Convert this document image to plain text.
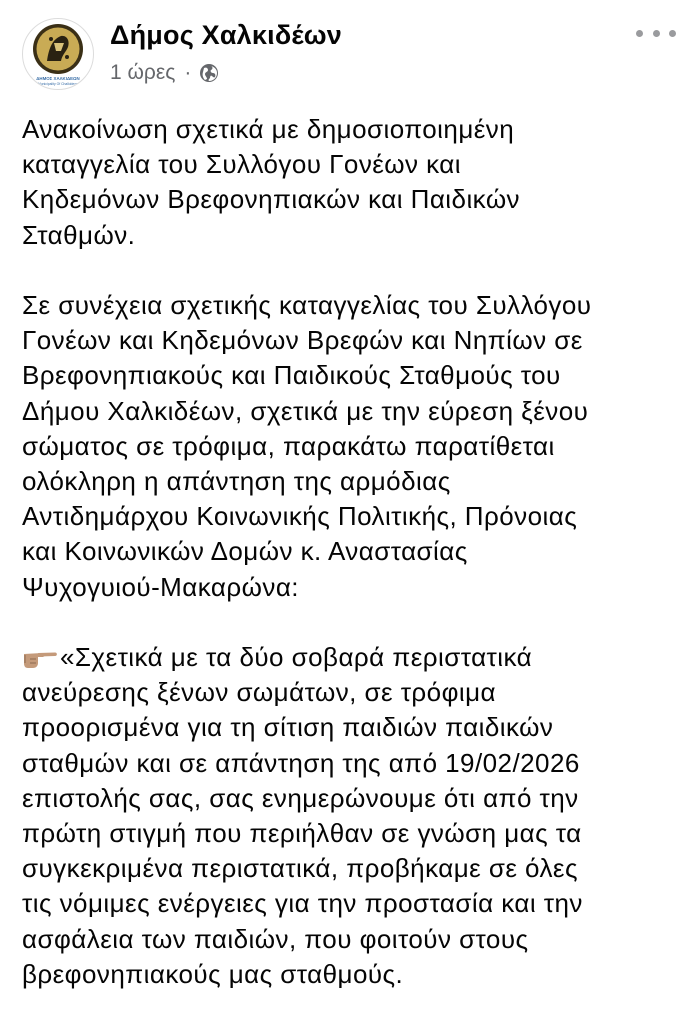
ΔΗΜΟΣ ΧΑΛΚΙΔΕΩΝ
Municipality Of Chalkideon
Δήμος Χαλκιδέων
1 ώρες ·

Ανακοίνωση σχετικά με δημοσιοποιημένη
καταγγελία του Συλλόγου Γονέων και
Κηδεμόνων Βρεφονηπιακών και Παιδικών
Σταθμών.

Σε συνέχεια σχετικής καταγγελίας του Συλλόγου
Γονέων και Κηδεμόνων Βρεφών και Νηπίων σε
Βρεφονηπιακούς και Παιδικούς Σταθμούς του
Δήμου Χαλκιδέων, σχετικά με την εύρεση ξένου
σώματος σε τρόφιμα, παρακάτω παρατίθεται
ολόκληρη η απάντηση της αρμόδιας
Αντιδημάρχου Κοινωνικής Πολιτικής, Πρόνοιας
και Κοινωνικών Δομών κ. Αναστασίας
Ψυχογυιού-Μακαρώνα:

«Σχετικά με τα δύο σοβαρά περιστατικά
ανεύρεσης ξένων σωμάτων, σε τρόφιμα
προορισμένα για τη σίτιση παιδιών παιδικών
σταθμών και σε απάντηση της από 19/02/2026
επιστολής σας, σας ενημερώνουμε ότι από την
πρώτη στιγμή που περιήλθαν σε γνώση μας τα
συγκεκριμένα περιστατικά, προβήκαμε σε όλες
τις νόμιμες ενέργειες για την προστασία και την
ασφάλεια των παιδιών, που φοιτούν στους
βρεφονηπιακούς μας σταθμούς.
